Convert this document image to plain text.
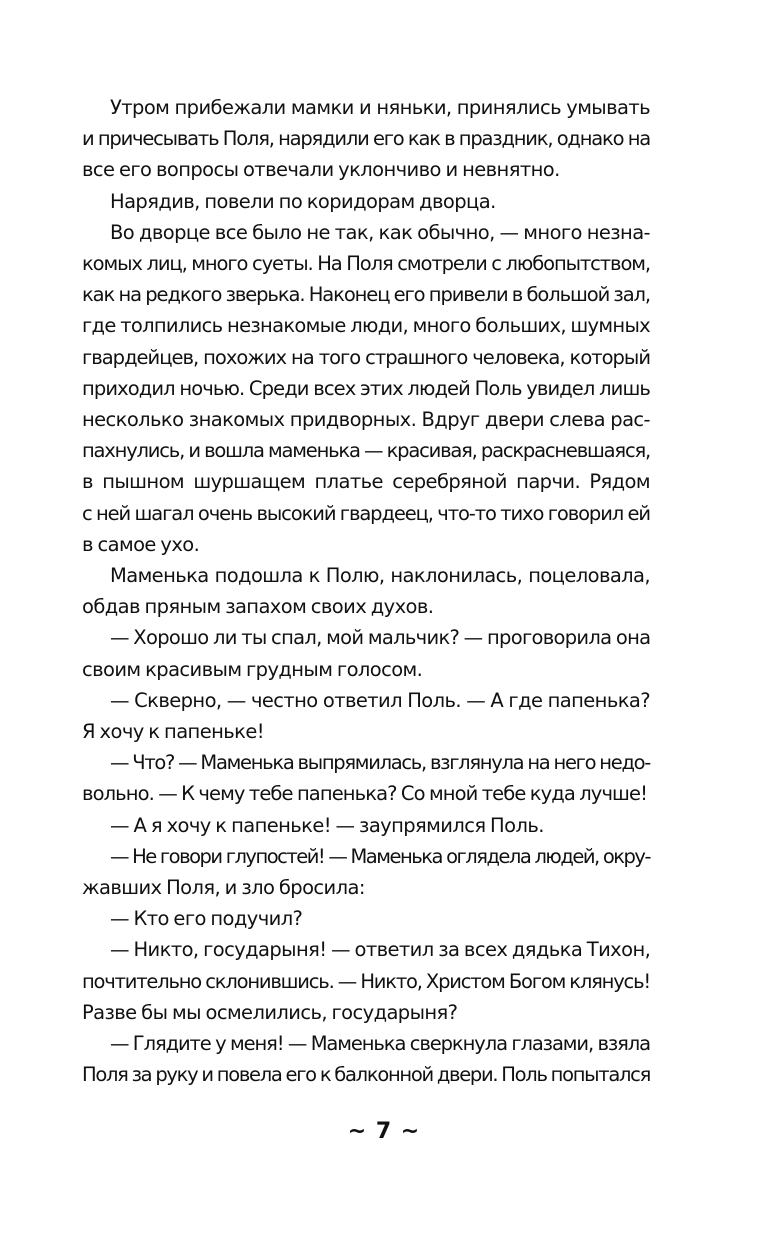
Утром прибежали мамки и няньки, принялись умывать
и причесывать Поля, нарядили его как в праздник, однако на
все его вопросы отвечали уклончиво и невнятно.

Нарядив, повели по коридорам дворца.

Во дворце все было не так, как обычно, — много незна-
комых лиц, много суеты. На Поля смотрели с любопытством,
как на редкого зверька. Наконец его привели в большой зал,
где толпились незнакомые люди, много больших, шумных
гвардейцев, похожих на того страшного человека, который
приходил ночью. Среди всех этих людей Поль увидел лишь
несколько знакомых придворных. Вдруг двери слева рас-
пахнулись, и вошла маменька — красивая, раскрасневшаяся,
в пышном шуршащем платье серебряной парчи. Рядом
с ней шагал очень высокий гвардеец, что-то тихо говорил ей
в самое ухо.

Маменька подошла к Полю, наклонилась, поцеловала,
обдав пряным запахом своих духов.

— Хорошо ли ты спал, мой мальчик? — проговорила она
своим красивым грудным голосом.

— Скверно, — честно ответил Поль. — А где папенька?
Я хочу к папеньке!

— Что? — Маменька выпрямилась, взглянула на него недо-
вольно. — К чему тебе папенька? Со мной тебе куда лучше!

— А я хочу к папеньке! — заупрямился Поль.

— Не говори глупостей! — Маменька оглядела людей, окру-
жавших Поля, и зло бросила:

— Кто его подучил?

— Никто, государыня! — ответил за всех дядька Тихон,
почтительно склонившись. — Никто, Христом Богом клянусь!
Разве бы мы осмелились, государыня?

— Глядите у меня! — Маменька сверкнула глазами, взяла
Поля за руку и повела его к балконной двери. Поль попытался

~ 7 ~
